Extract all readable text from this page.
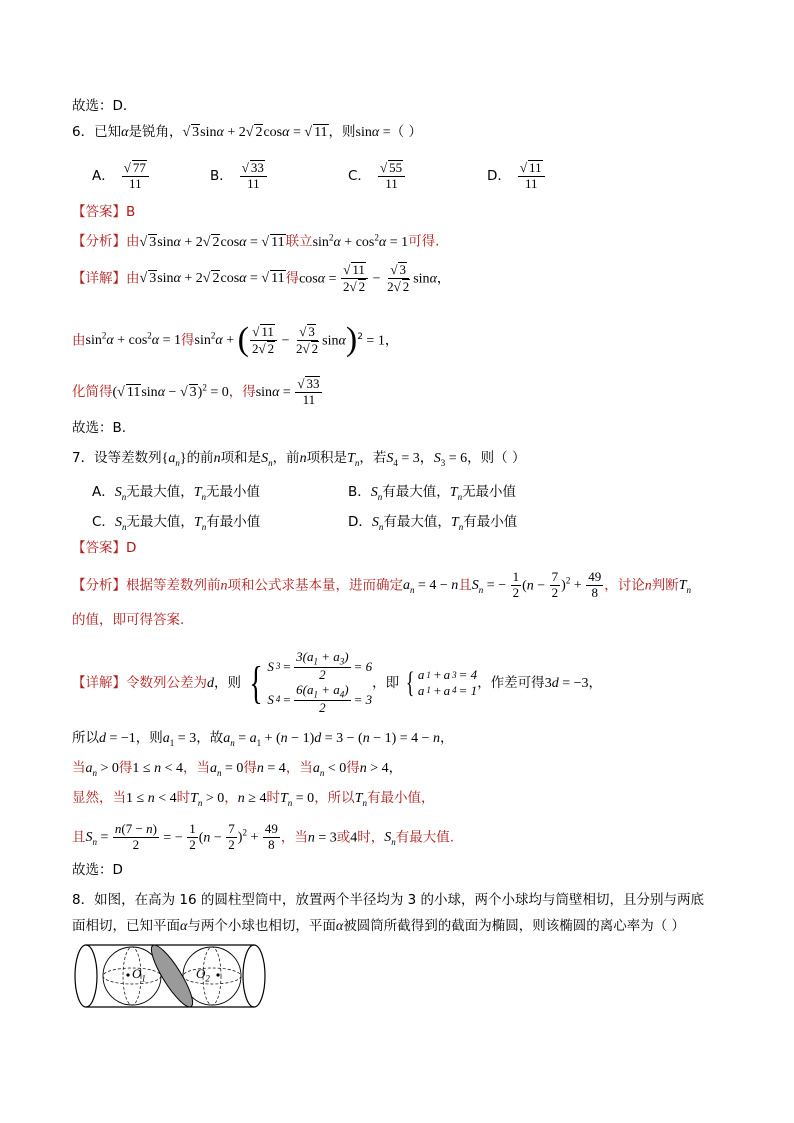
故选：D．
6．已知α是锐角，√ 3sinα + 2√ 2cosα = √ 11，则sinα =（ ）
A． $\frac{√ 77}{11}$	B． $\frac{√ 33}{11}$	C． $\frac{√ 55}{11}$	D． $\frac{√ 11}{11}$
【答案】B
【分析】由√ 3sinα + 2√ 2cosα = √ 11联立$\sin^2\alpha + \cos^2\alpha = 1$可得.
【详解】由√ 3sinα + 2√ 2cosα = √ 11得$\cos\alpha = \frac{√ 11}{2√ 2} - \frac{√ 3}{2√ 2}$ sinα，
由$\sin^2\alpha + \cos^2\alpha = 1$得$\sin^2\alpha$ + ( $\frac{√ 11}{2√ 2} - \frac{√ 3}{2√ 2} \sin\alpha)^2 = 1$，
化简得(√ 11sinα − √ 3)$^2$ = 0，得$\sin\alpha = \frac{√ 33}{11}$
故选：B.
7．设等差数列$\{a_n\}$的前n项和是$S_n$，前n项积是$T_n$，若$S_4 = 3$，$S_3 = 6$，则（ ）
A．$S_n$无最大值，$T_n$无最小值	B．$S_n$有最大值，$T_n$无最小值
C．$S_n$无最大值，$T_n$有最小值	D．$S_n$有最大值，$T_n$有最小值
【答案】D
【分析】根据等差数列前n项和公式求基本量，进而确定$a_n = 4 - n$且$S_n$ = − $\frac{1}{2} (n - \frac{7}{2} )^2 + \frac{49}{8}$ ，讨论n判断$T_n$
的值，即可得答案.
【详解】令数列公差为d，则 { S $3 = \frac{3(a_1 + a_3)}{2} = 6$
S $4 = \frac{6(a_1 + a_4)}{2} = 3$
，即 { a 1 + a 3 = 4
a 1 + a 4 = 1 ，作差可得3d = −3，
所以d = −1，则$a_1 = 3$，故$a_n = a_1 + (n - 1)d = 3 - (n - 1) = 4 - n$，
当$a_n > 0$得1 ≤ n < 4，当$a_n = 0$得n = 4，当$a_n < 0$得n > 4，
显然，当1 ≤ n < 4时$T_n > 0$，n ≥ 4时$T_n = 0$，所以$T_n$有最小值，
且$S_n = \frac{n(7 - n)}{2}$ = − $\frac{1}{2} (n - \frac{7}{2} )^2 + \frac{49}{8}$ ，当n = 3或4时，$S_n$有最大值.
故选：D
8．如图，在高为 16 的圆柱型筒中，放置两个半径均为 3 的小球，两个小球均与筒壁相切，且分别与两底
面相切，已知平面α与两个小球也相切，平面α被圆筒所截得到的截面为椭圆，则该椭圆的离心率为（ ）
$O_1$	$O_2$
